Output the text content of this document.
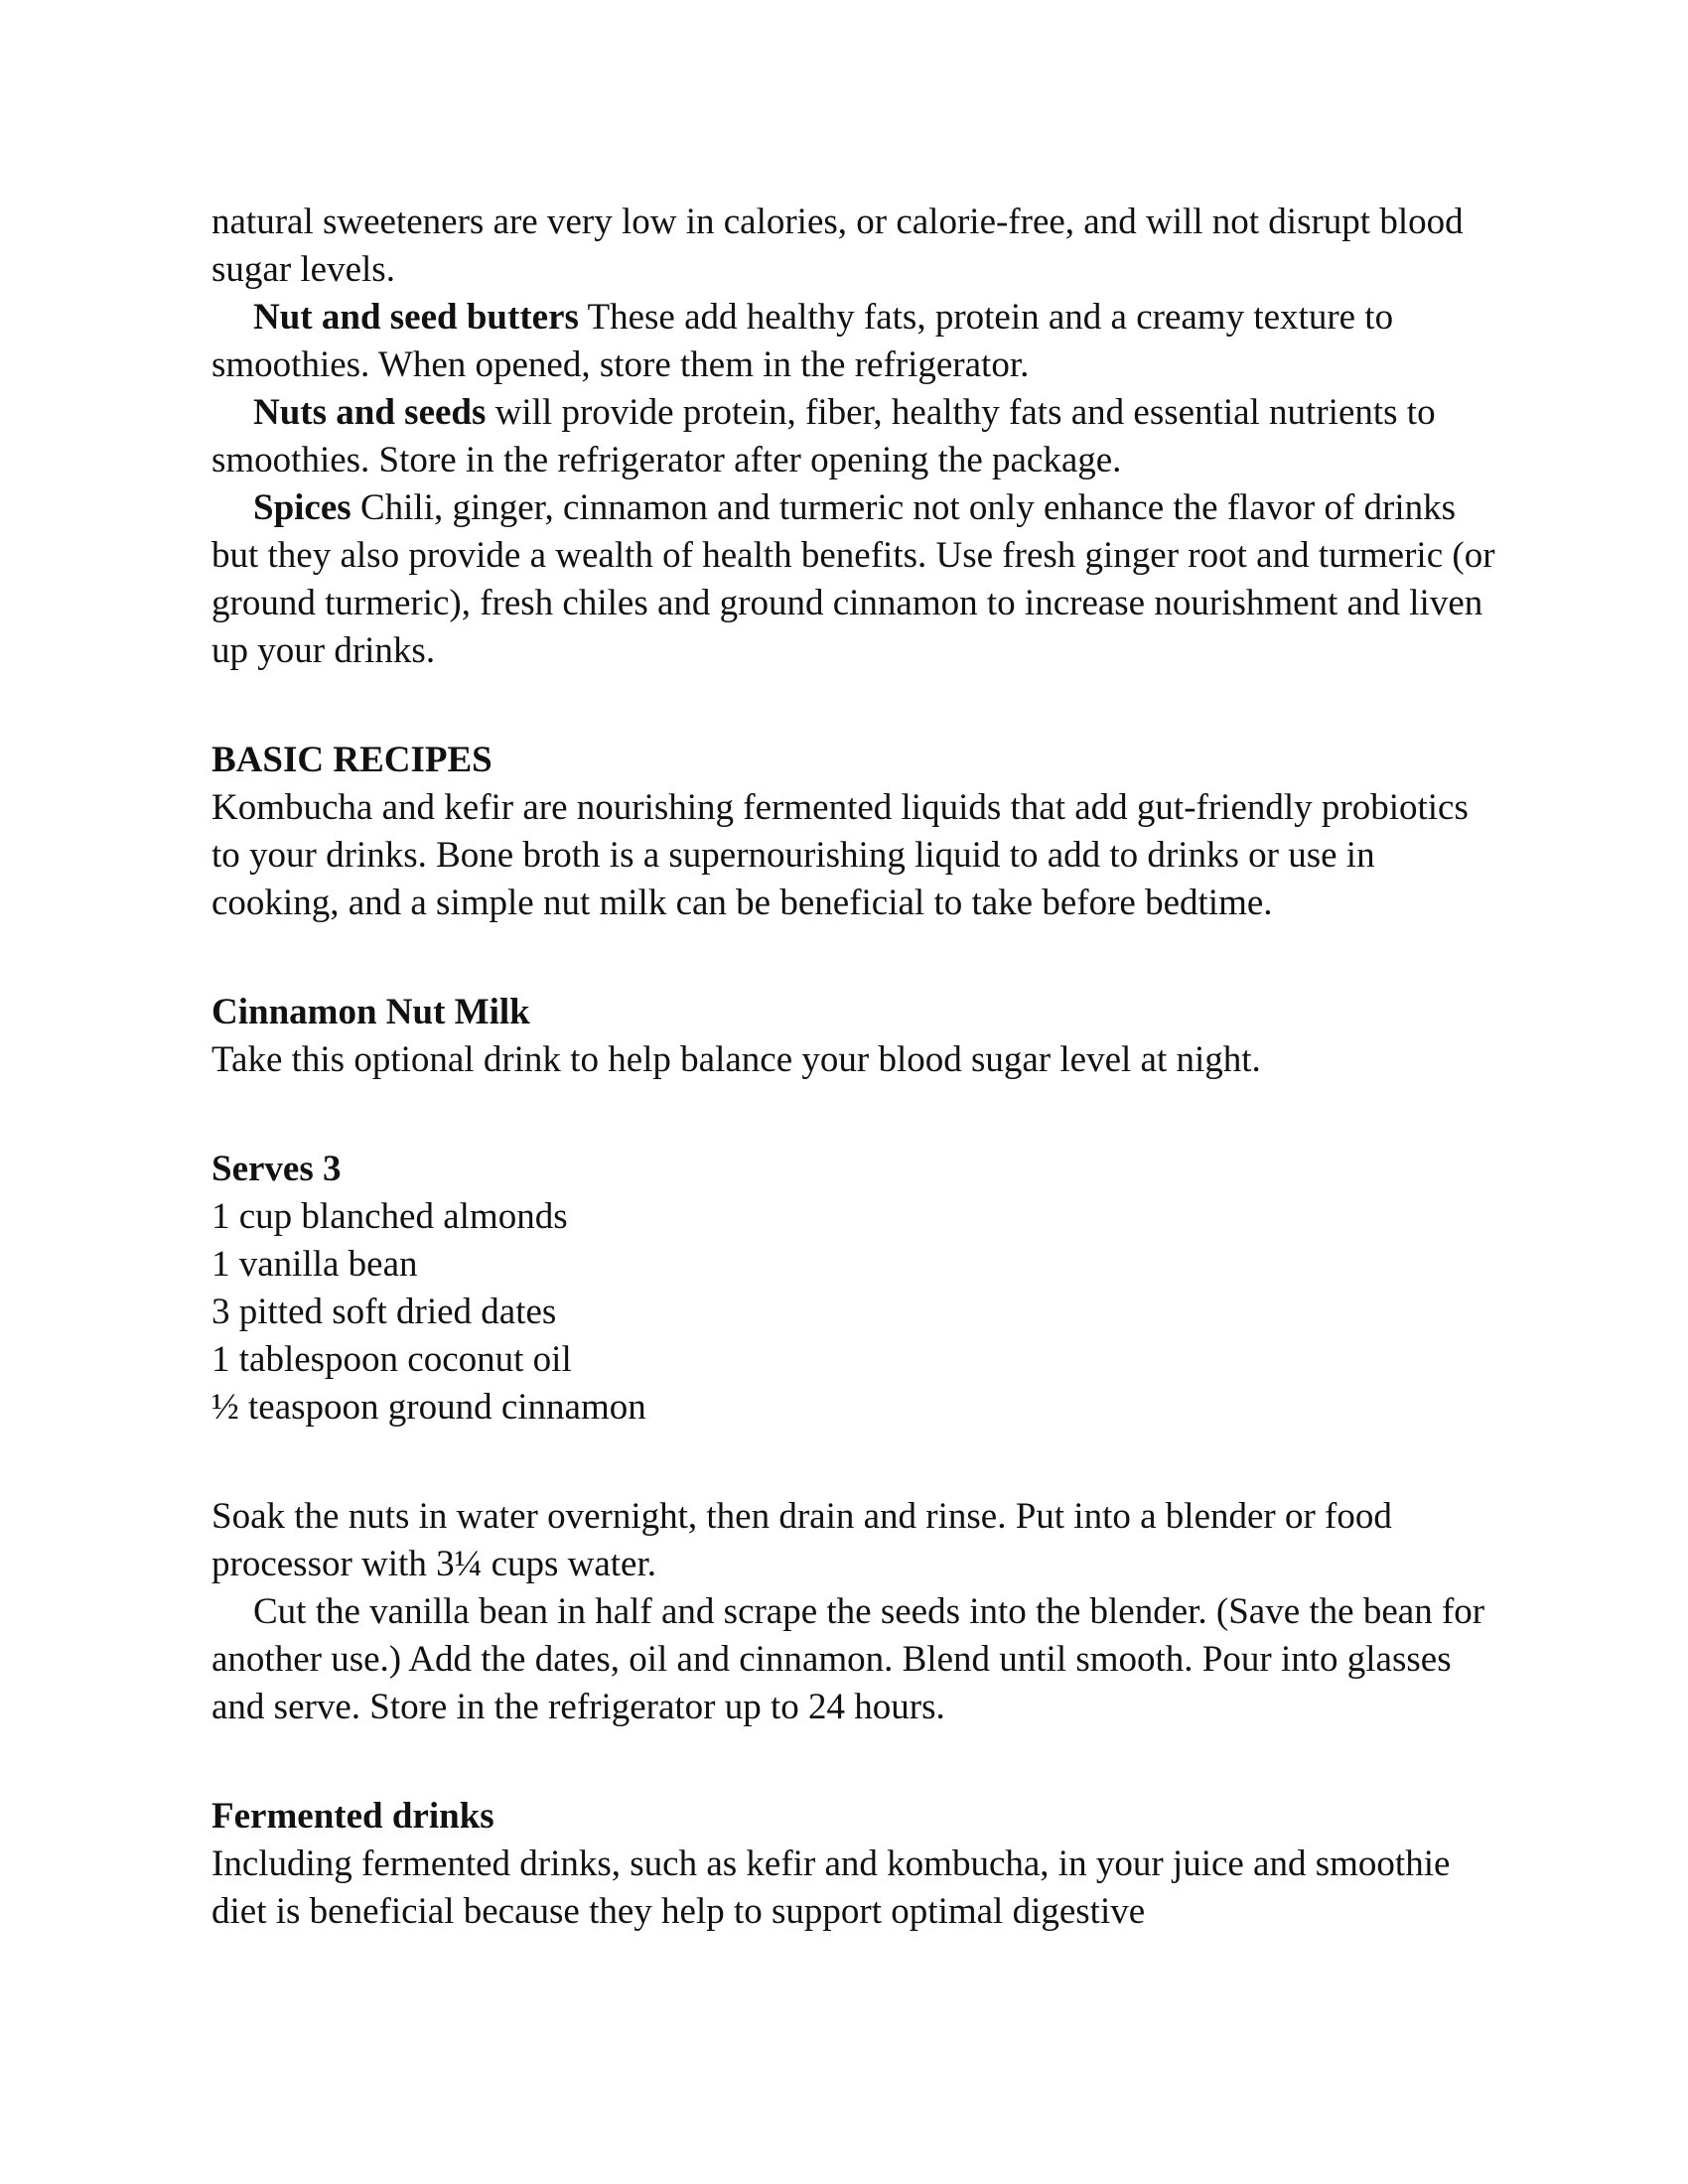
natural sweeteners are very low in calories, or calorie-free, and will not disrupt blood sugar levels.

Nut and seed butters These add healthy fats, protein and a creamy texture to smoothies. When opened, store them in the refrigerator.

Nuts and seeds will provide protein, fiber, healthy fats and essential nutrients to smoothies. Store in the refrigerator after opening the package.

Spices Chili, ginger, cinnamon and turmeric not only enhance the flavor of drinks but they also provide a wealth of health benefits. Use fresh ginger root and turmeric (or ground turmeric), fresh chiles and ground cinnamon to increase nourishment and liven up your drinks.

BASIC RECIPES

Kombucha and kefir are nourishing fermented liquids that add gut-friendly probiotics to your drinks. Bone broth is a supernourishing liquid to add to drinks or use in cooking, and a simple nut milk can be beneficial to take before bedtime.

Cinnamon Nut Milk

Take this optional drink to help balance your blood sugar level at night.

Serves 3

1 cup blanched almonds

1 vanilla bean

3 pitted soft dried dates

1 tablespoon coconut oil

½ teaspoon ground cinnamon

Soak the nuts in water overnight, then drain and rinse. Put into a blender or food processor with 3¼ cups water.

Cut the vanilla bean in half and scrape the seeds into the blender. (Save the bean for another use.) Add the dates, oil and cinnamon. Blend until smooth. Pour into glasses and serve. Store in the refrigerator up to 24 hours.

Fermented drinks

Including fermented drinks, such as kefir and kombucha, in your juice and smoothie diet is beneficial because they help to support optimal digestive
